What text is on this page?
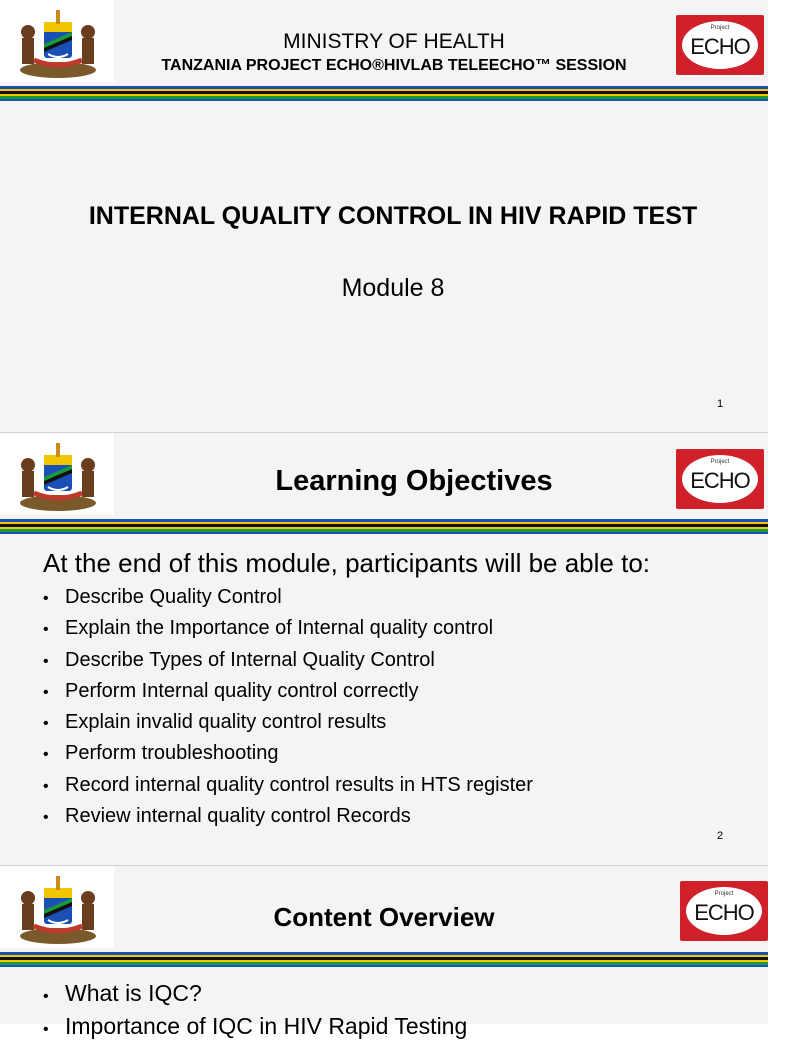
MINISTRY OF HEALTH
TANZANIA PROJECT ECHO®HIVLAB TELEECHO™ SESSION
Project
ECHO
INTERNAL QUALITY CONTROL IN HIV RAPID TEST
Module 8
1
Learning Objectives
Project
ECHO
At the end of this module, participants will be able to:
• Describe Quality Control
• Explain the Importance of Internal quality control
• Describe Types of Internal Quality Control
• Perform Internal quality control correctly
• Explain invalid quality control results
• Perform troubleshooting
• Record internal quality control results in HTS register
• Review internal quality control Records
2
Content Overview
Project
ECHO
• What is IQC?
• Importance of IQC in HIV Rapid Testing
